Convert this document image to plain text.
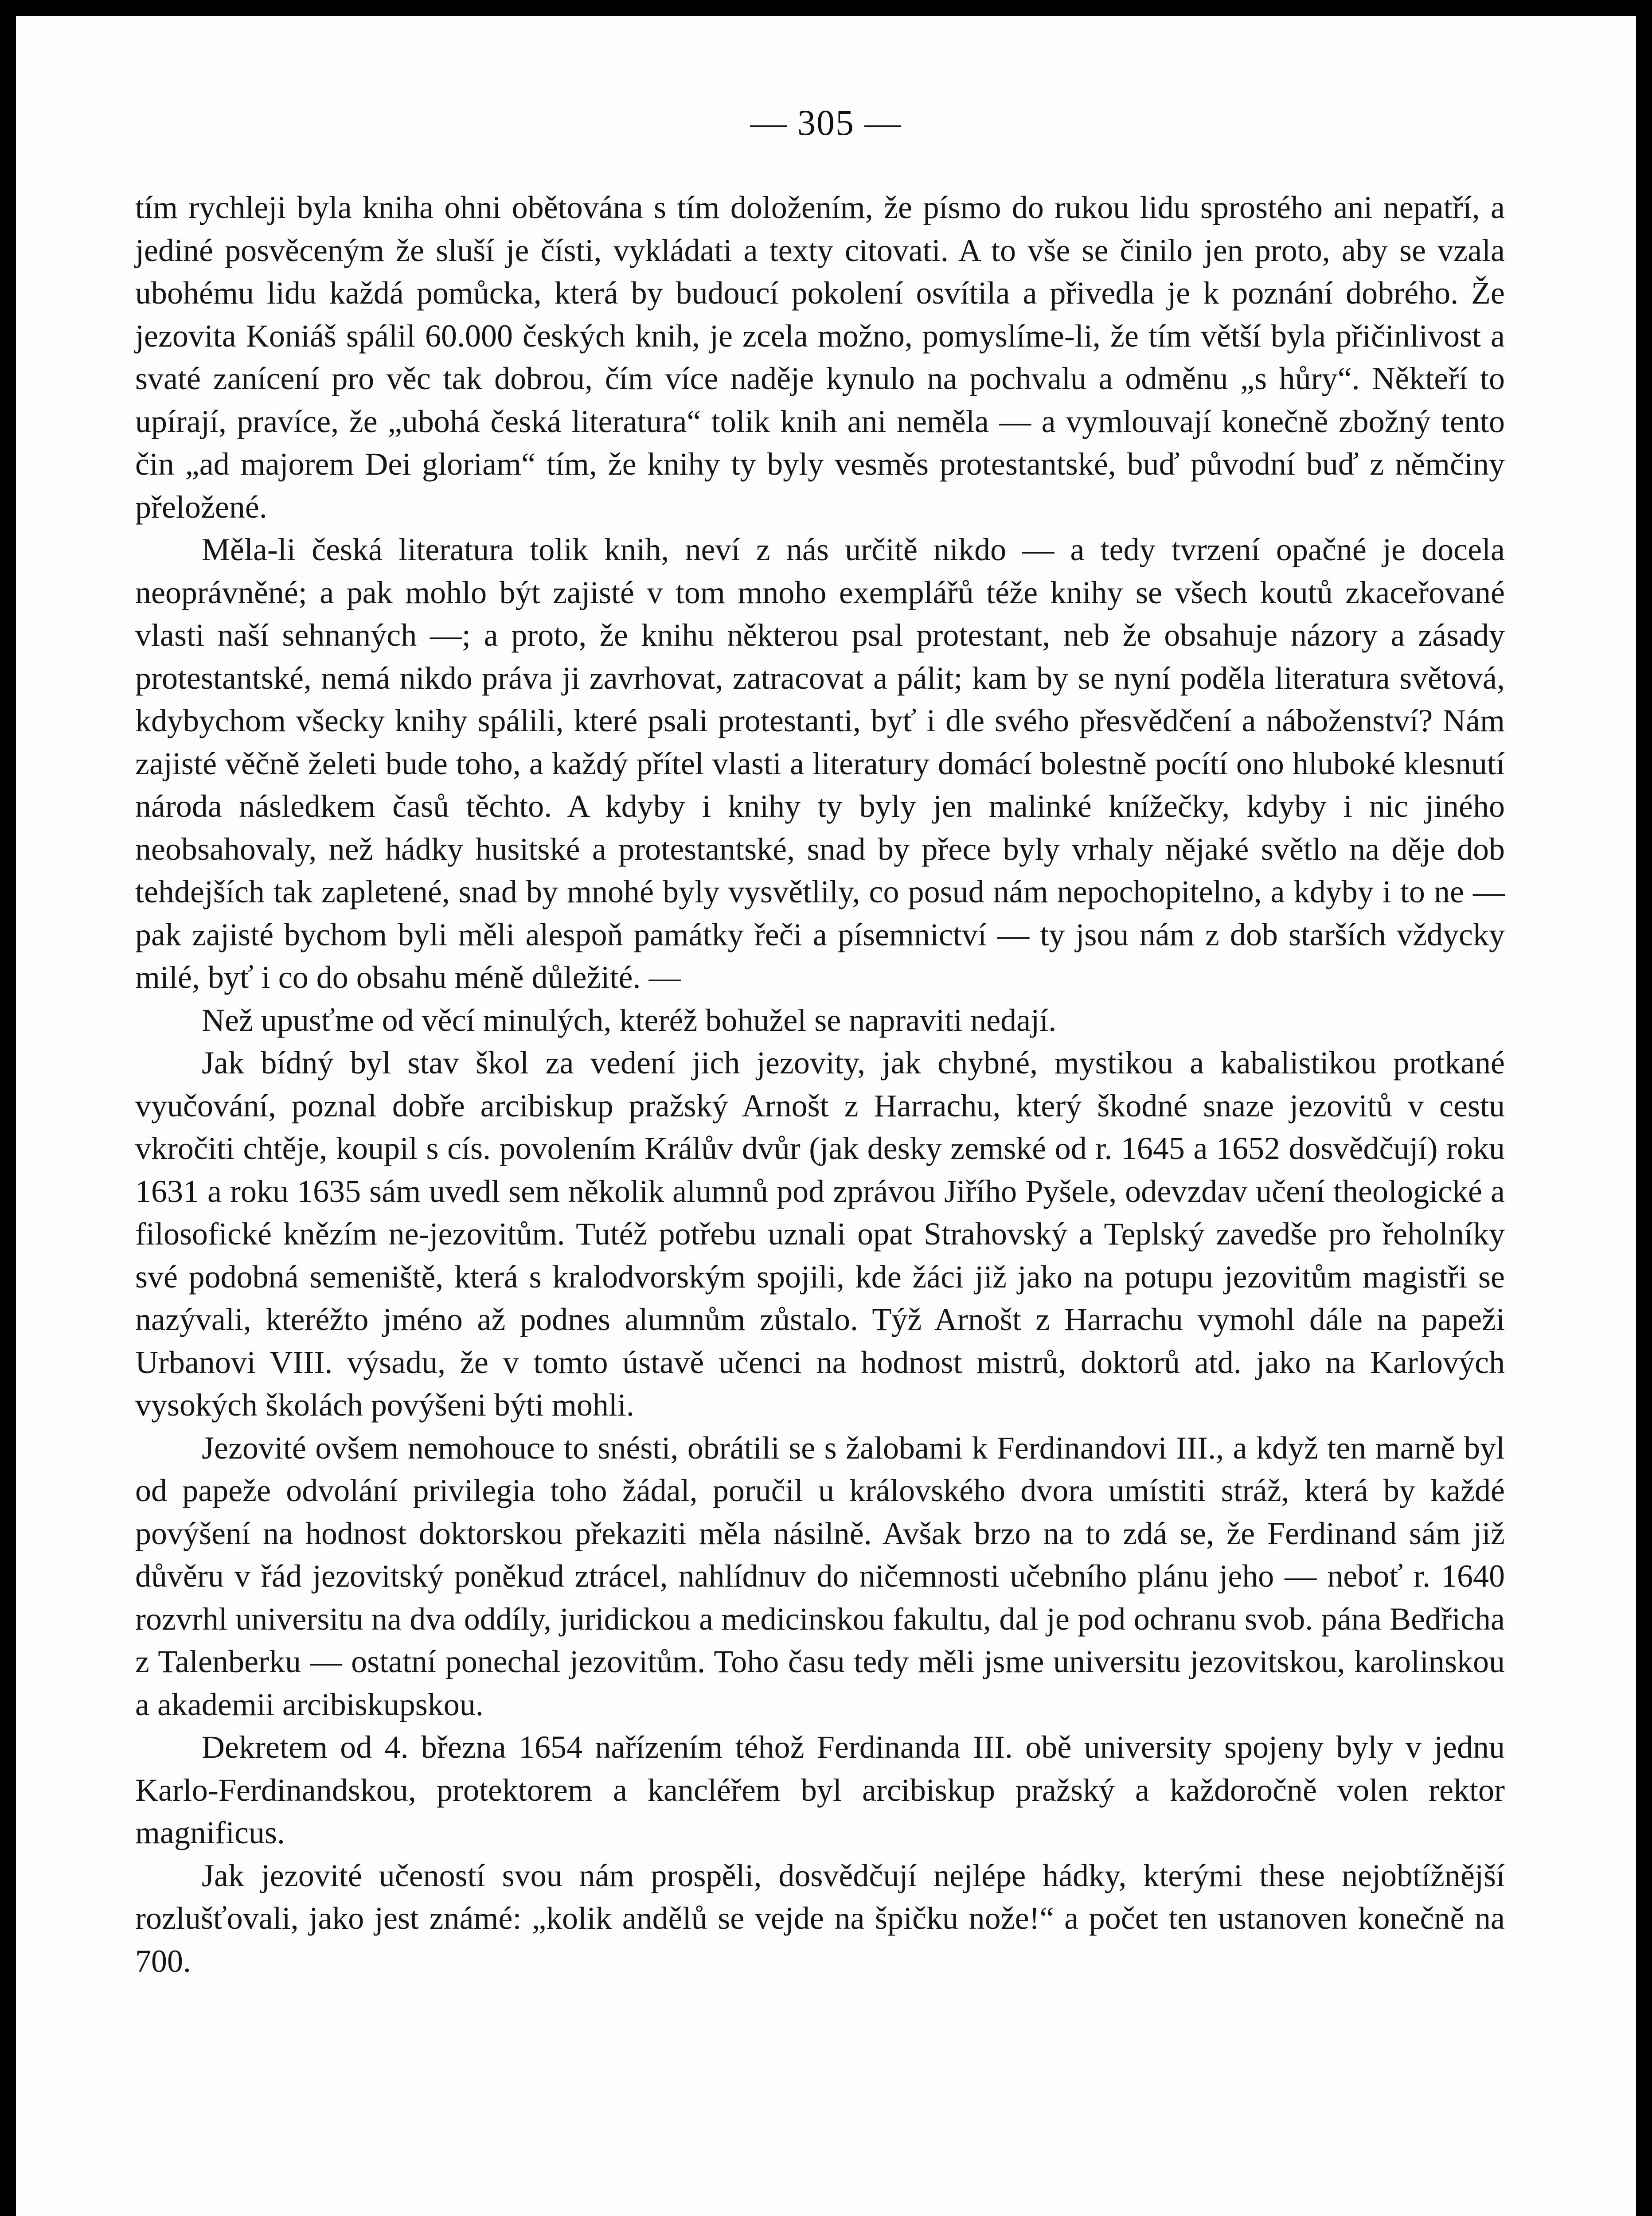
— 305 —

tím rychleji byla kniha ohni obětována s tím doložením, že písmo do rukou lidu sprostého ani nepatří, a jediné posvěceným že sluší je čísti, vykládati a texty citovati. A to vše se činilo jen proto, aby se vzala ubohému lidu každá pomůcka, která by budoucí pokolení osvítila a přivedla je k poznání dobrého. Že jezovita Koniáš spálil 60.000 českých knih, je zcela možno, pomyslíme-li, že tím větší byla přičinlivost a svaté zanícení pro věc tak dobrou, čím více naděje kynulo na pochvalu a odměnu „s hůry“. Někteří to upírají, pravíce, že „ubohá česká literatura“ tolik knih ani neměla — a vymlouvají konečně zbožný tento čin „ad majorem Dei gloriam“ tím, že knihy ty byly vesměs protestantské, buď původní buď z němčiny přeložené.

Měla-li česká literatura tolik knih, neví z nás určitě nikdo — a tedy tvrzení opačné je docela neoprávněné; a pak mohlo být zajisté v tom mnoho exemplářů téže knihy se všech koutů zkaceřované vlasti naší sehnaných —; a proto, že knihu některou psal protestant, neb že obsahuje názory a zásady protestantské, nemá nikdo práva ji zavrhovat, zatracovat a pálit; kam by se nyní poděla literatura světová, kdybychom všecky knihy spálili, které psali protestanti, byť i dle svého přesvědčení a náboženství? Nám zajisté věčně želeti bude toho, a každý přítel vlasti a literatury domácí bolestně pocítí ono hluboké klesnutí národa následkem časů těchto. A kdyby i knihy ty byly jen malinké knížečky, kdyby i nic jiného neobsahovaly, než hádky husitské a protestantské, snad by přece byly vrhaly nějaké světlo na děje dob tehdejších tak zapletené, snad by mnohé byly vysvětlily, co posud nám nepochopitelno, a kdyby i to ne — pak zajisté bychom byli měli alespoň památky řeči a písemnictví — ty jsou nám z dob starších vždycky milé, byť i co do obsahu méně důležité. —

Než upusťme od věcí minulých, kteréž bohužel se napraviti nedají.

Jak bídný byl stav škol za vedení jich jezovity, jak chybné, mystikou a kabalistikou protkané vyučování, poznal dobře arcibiskup pražský Arnošt z Harrachu, který škodné snaze jezovitů v cestu vkročiti chtěje, koupil s cís. povolením Králův dvůr (jak desky zemské od r. 1645 a 1652 dosvědčují) roku 1631 a roku 1635 sám uvedl sem několik alumnů pod zprávou Jiřího Pyšele, odevzdav učení theologické a filosofické knězím ne-jezovitům. Tutéž potřebu uznali opat Strahovský a Teplský zavedše pro řeholníky své podobná semeniště, která s kralodvorským spojili, kde žáci již jako na potupu jezovitům magistři se nazývali, kteréžto jméno až podnes alumnům zůstalo. Týž Arnošt z Harrachu vymohl dále na papeži Urbanovi VIII. výsadu, že v tomto ústavě učenci na hodnost mistrů, doktorů atd. jako na Karlových vysokých školách povýšeni býti mohli.

Jezovité ovšem nemohouce to snésti, obrátili se s žalobami k Ferdinandovi III., a když ten marně byl od papeže odvolání privilegia toho žádal, poručil u královského dvora umístiti stráž, která by každé povýšení na hodnost doktorskou překaziti měla násilně. Avšak brzo na to zdá se, že Ferdinand sám již důvěru v řád jezovitský poněkud ztrácel, nahlídnuv do ničemnosti učebního plánu jeho — neboť r. 1640 rozvrhl universitu na dva oddíly, juridickou a medicinskou fakultu, dal je pod ochranu svob. pána Bedřicha z Talenberku — ostatní ponechal jezovitům. Toho času tedy měli jsme universitu jezovitskou, karolinskou a akademii arcibiskupskou.

Dekretem od 4. března 1654 nařízením téhož Ferdinanda III. obě university spojeny byly v jednu Karlo-Ferdinandskou, protektorem a kancléřem byl arcibiskup pražský a každoročně volen rektor magnificus.

Jak jezovité učeností svou nám prospěli, dosvědčují nejlépe hádky, kterými these nejobtížnější rozlušťovali, jako jest známé: „kolik andělů se vejde na špičku nože!“ a počet ten ustanoven konečně na 700.
